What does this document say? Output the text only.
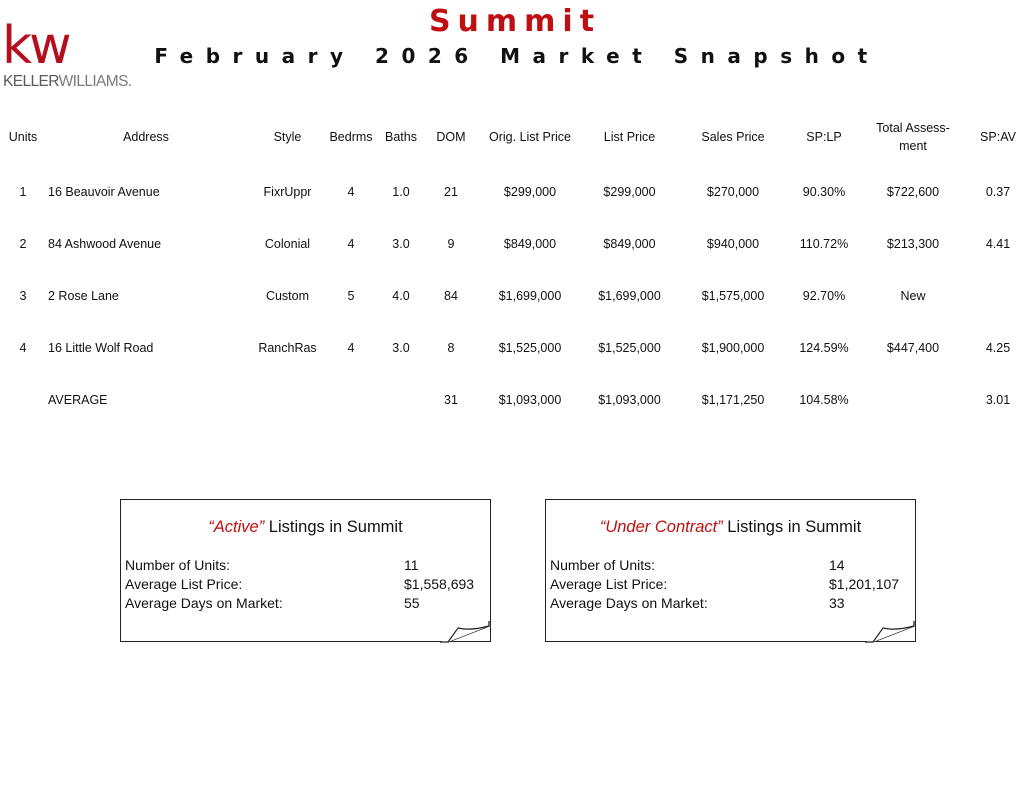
kw
KELLERWILLIAMS.
Summit
February 2026 Market Snapshot
Units	Address	Style	Bedrms	Baths	DOM	Orig. List Price	List Price	Sales Price	SP:LP	Total Assess-
ment	SP:AV
1	16 Beauvoir Avenue	FixrUppr	4	1.0	21	$299,000	$299,000	$270,000	90.30%	$722,600	0.37
2	84 Ashwood Avenue	Colonial	4	3.0	9	$849,000	$849,000	$940,000	110.72%	$213,300	4.41
3	2 Rose Lane	Custom	5	4.0	84	$1,699,000	$1,699,000	$1,575,000	92.70%	New	
4	16 Little Wolf Road	RanchRas	4	3.0	8	$1,525,000	$1,525,000	$1,900,000	124.59%	$447,400	4.25
	AVERAGE				31	$1,093,000	$1,093,000	$1,171,250	104.58%		3.01
“Active” Listings in Summit
Number of Units:	11
Average List Price:	$1,558,693
Average Days on Market:	55
“Under Contract” Listings in Summit
Number of Units:	14
Average List Price:	$1,201,107
Average Days on Market:	33
